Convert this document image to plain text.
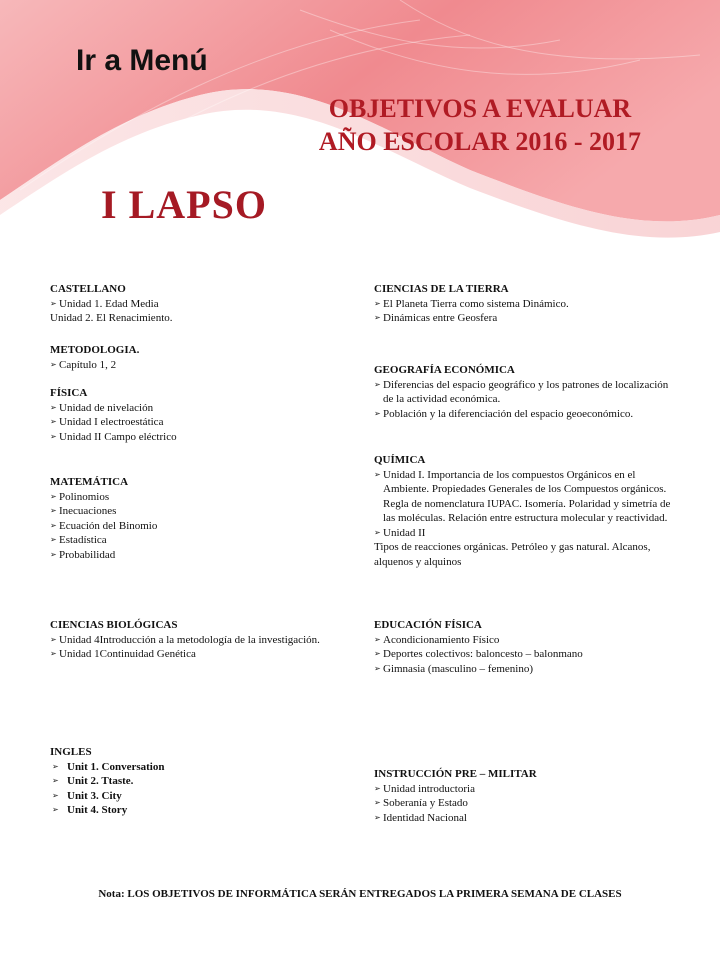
Ir a Menú
OBJETIVOS A EVALUAR
AÑO ESCOLAR 2016 - 2017
I LAPSO
CASTELLANO
➢ Unidad 1. Edad Media
Unidad 2. El Renacimiento.
METODOLOGIA.
➢ Capítulo 1, 2
FÍSICA
➢ Unidad de nivelación
➢ Unidad I electroestática
➢ Unidad II Campo eléctrico
MATEMÁTICA
➢ Polinomios
➢ Inecuaciones
➢ Ecuación del Binomio
➢ Estadística
➢ Probabilidad
CIENCIAS BIOLÓGICAS
➢ Unidad 4Introducción a la metodología de la investigación.
➢ Unidad 1Continuidad Genética
INGLES
➢ Unit 1. Conversation
➢ Unit 2. Ttaste.
➢ Unit 3. City
➢ Unit 4. Story
CIENCIAS DE LA TIERRA
➢ El Planeta Tierra como sistema Dinámico.
➢ Dinámicas entre Geosfera
GEOGRAFÍA ECONÓMICA
➢ Diferencias del espacio geográfico y los patrones de localización de la actividad económica.
➢ Población y la diferenciación del espacio geoeconómico.
QUÍMICA
➢ Unidad I. Importancia de los compuestos Orgánicos en el Ambiente. Propiedades Generales de los Compuestos orgánicos. Regla de nomenclatura IUPAC. Isomería. Polaridad y simetría de las moléculas. Relación entre estructura molecular y reactividad.
➢ Unidad II
Tipos de reacciones orgánicas. Petróleo y gas natural. Alcanos, alquenos y alquinos
EDUCACIÓN FÍSICA
➢ Acondicionamiento Físico
➢ Deportes colectivos: baloncesto – balonmano
➢ Gimnasia (masculino – femenino)
INSTRUCCIÓN PRE – MILITAR
➢ Unidad introductoria
➢ Soberanía y Estado
➢ Identidad Nacional
Nota: LOS OBJETIVOS DE INFORMÁTICA SERÁN ENTREGADOS LA PRIMERA SEMANA DE CLASES
